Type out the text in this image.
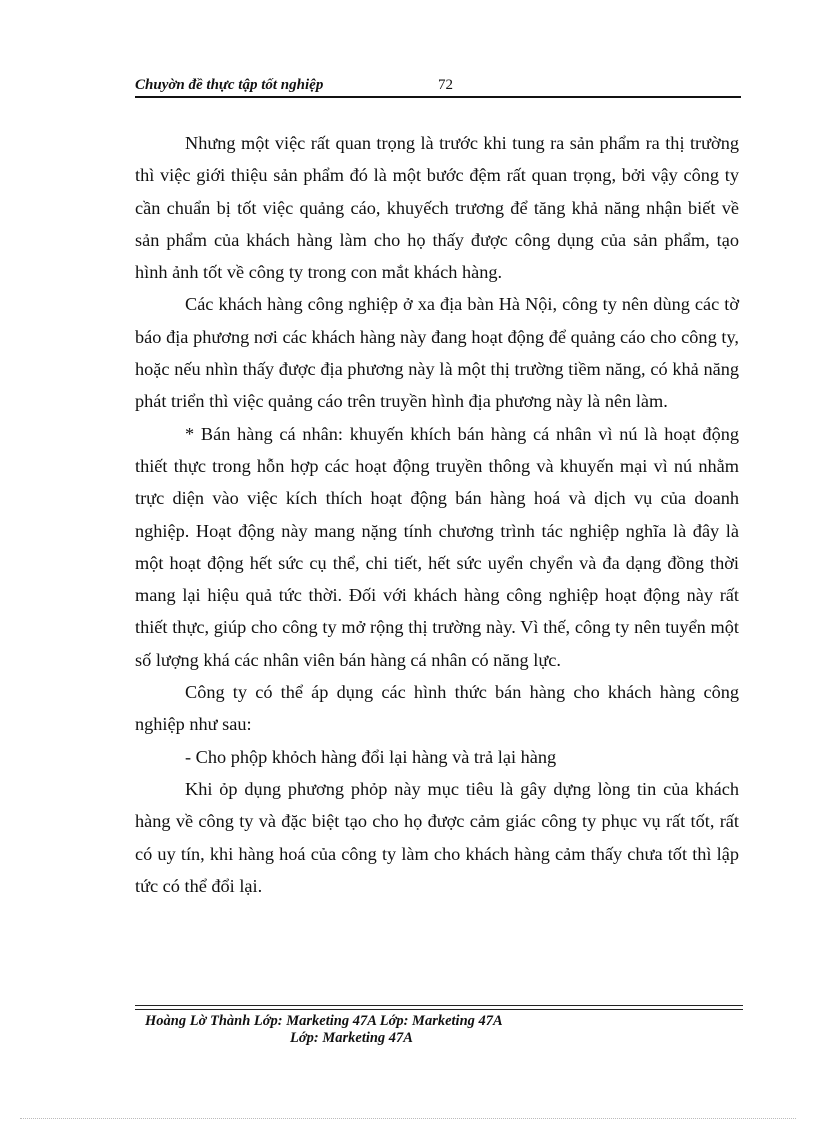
Chuyờn đề thực tập tốt nghiệp	72

Nhưng một việc rất quan trọng là trước khi tung ra sản phẩm ra thị trường thì việc giới thiệu sản phẩm đó là một bước đệm rất quan trọng, bởi vậy công ty cần chuẩn bị tốt việc quảng cáo, khuyếch trương để tăng khả năng nhận biết về sản phẩm của khách hàng làm cho họ thấy được công dụng của sản phẩm, tạo hình ảnh tốt về công ty trong con mắt khách hàng.

Các khách hàng công nghiệp ở xa địa bàn Hà Nội, công ty nên dùng các tờ báo địa phương nơi các khách hàng này đang hoạt động để quảng cáo cho công ty, hoặc nếu nhìn thấy được địa phương này là một thị trường tiềm năng, có khả năng phát triển thì việc quảng cáo trên truyền hình địa phương này là nên làm.

* Bán hàng cá nhân: khuyến khích bán hàng cá nhân vì nú là hoạt động thiết thực trong hỗn hợp các hoạt động truyền thông và khuyến mại vì nú nhằm trực diện vào việc kích thích hoạt động bán hàng hoá và dịch vụ của doanh nghiệp. Hoạt động này mang nặng tính chương trình tác nghiệp nghĩa là đây là một hoạt động hết sức cụ thể, chi tiết, hết sức uyển chyển và đa dạng đồng thời mang lại hiệu quả tức thời. Đối với khách hàng công nghiệp hoạt động này rất thiết thực, giúp cho công ty mở rộng thị trường này. Vì thế, công ty nên tuyển một số lượng khá các nhân viên bán hàng cá nhân có năng lực.

Công ty có thể áp dụng các hình thức bán hàng cho khách hàng công nghiệp như sau:

- Cho phộp khỏch hàng đổi lại hàng và trả lại hàng

Khi ỏp dụng phương phỏp này mục tiêu là gây dựng lòng tin của khách hàng về công ty và đặc biệt tạo cho họ được cảm giác công ty phục vụ rất tốt, rất có uy tín, khi hàng hoá của công ty làm cho khách hàng cảm thấy chưa tốt thì lập tức có thể đổi lại.

Hoàng Lờ Thành Lớp: Marketing 47A Lớp: Marketing 47A
Lớp: Marketing 47A
